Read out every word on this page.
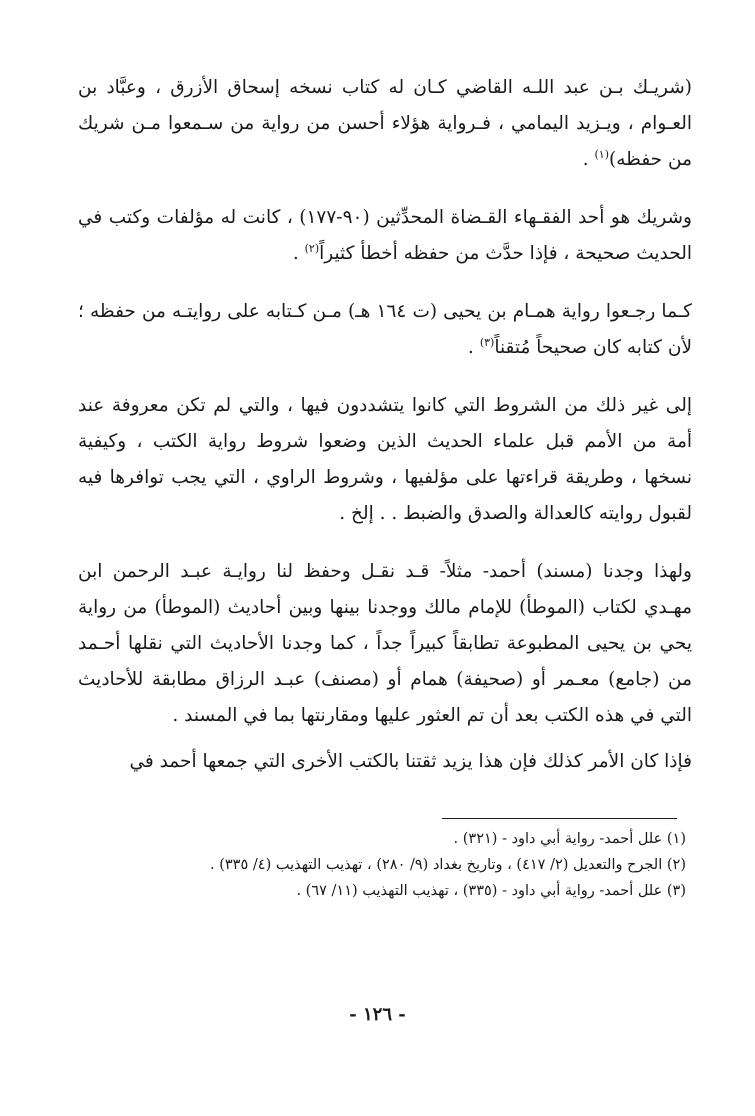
(شريـك بـن عبد اللـه القاضي كـان له كتاب نسخه إسحاق الأزرق ، وعبَّاد بن العـوام ، ويـزيد اليمامي ، فـرواية هؤلاء أحسن من رواية من سـمعوا مـن شريك من حفظه)$^{(١)}$ .

وشريك هو أحد الفقـهاء القـضاة المحدِّثين (٩٠-١٧٧) ، كانت له مؤلفات وكتب في الحديث صحيحة ، فإذا حدَّث من حفظه أخطأ كثيراً$^{(٢)}$ .

كـما رجـعوا رواية همـام بن يحيى (ت ١٦٤ هـ) مـن كـتابه على روايتـه من حفظه ؛ لأن كتابه كان صحيحاً مُتقناً$^{(٣)}$ .

إلى غير ذلك من الشروط التي كانوا يتشددون فيها ، والتي لم تكن معروفة عند أمة من الأمم قبل علماء الحديث الذين وضعوا شروط رواية الكتب ، وكيفية نسخها ، وطريقة قراءتها على مؤلفيها ، وشروط الراوي ، التي يجب توافرها فيه لقبول روايته كالعدالة والصدق والضبط . . إلخ .

ولهذا وجدنا (مسند) أحمد- مثلاً- قـد نقـل وحفظ لنا روايـة عبـد الرحمن ابن مهـدي لكتاب (الموطأ) للإمام مالك ووجدنا بينها وبين أحاديث (الموطأ) من رواية يحي بن يحيى المطبوعة تطابقاً كبيراً جداً ، كما وجدنا الأحاديث التي نقلها أحـمد من (جامع) معـمر أو (صحيفة) همام أو (مصنف) عبـد الرزاق مطابقة للأحاديث التي في هذه الكتب بعد أن تم العثور عليها ومقارنتها بما في المسند .

فإذا كان الأمر كذلك فإن هذا يزيد ثقتنا بالكتب الأخرى التي جمعها أحمد في

(١) علل أحمد- رواية أبي داود - (٣٢١) .
(٢) الجرح والتعديل (٢/ ٤١٧) ، وتاريخ بغداد (٩/ ٢٨٠) ، تهذيب التهذيب (٤/ ٣٣٥) .
(٣) علل أحمد- رواية أبي داود - (٣٣٥) ، تهذيب التهذيب (١١/ ٦٧) .
- ١٢٦ -
